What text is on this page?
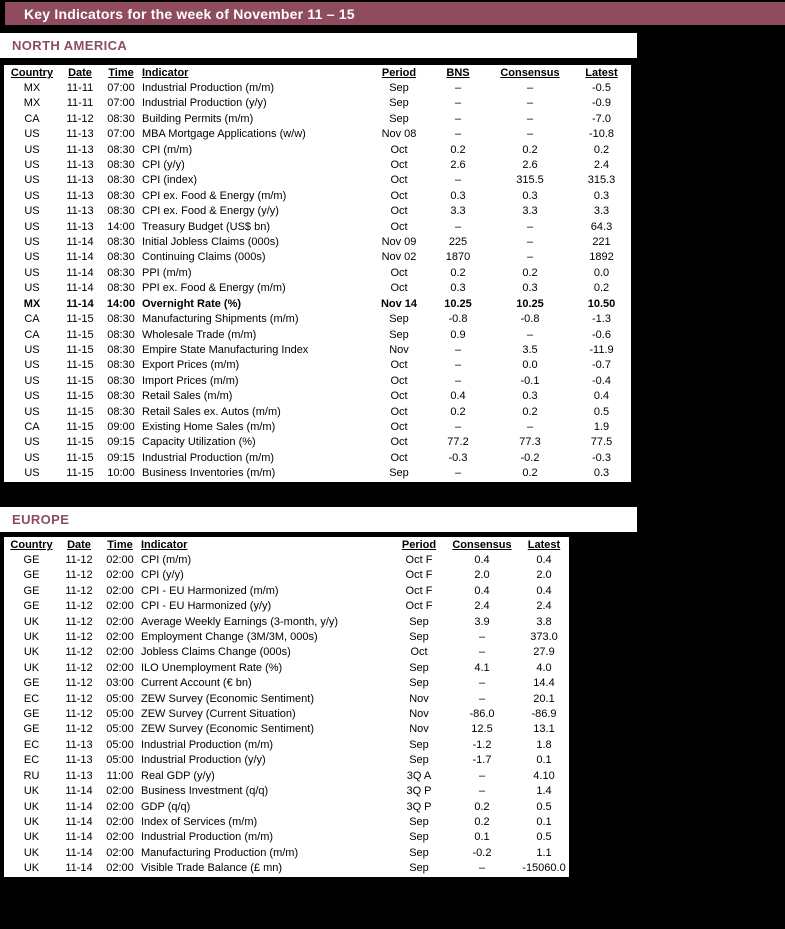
Key Indicators for the week of November 11 – 15
NORTH AMERICA
Country	Date	Time	Indicator	Period	BNS	Consensus	Latest
MX	11-11	07:00	Industrial Production (m/m)	Sep	–	–	-0.5
MX	11-11	07:00	Industrial Production (y/y)	Sep	–	–	-0.9
CA	11-12	08:30	Building Permits (m/m)	Sep	–	–	-7.0
US	11-13	07:00	MBA Mortgage Applications (w/w)	Nov 08	–	–	-10.8
US	11-13	08:30	CPI (m/m)	Oct	0.2	0.2	0.2
US	11-13	08:30	CPI (y/y)	Oct	2.6	2.6	2.4
US	11-13	08:30	CPI (index)	Oct	–	315.5	315.3
US	11-13	08:30	CPI ex. Food & Energy (m/m)	Oct	0.3	0.3	0.3
US	11-13	08:30	CPI ex. Food & Energy (y/y)	Oct	3.3	3.3	3.3
US	11-13	14:00	Treasury Budget (US$ bn)	Oct	–	–	64.3
US	11-14	08:30	Initial Jobless Claims (000s)	Nov 09	225	–	221
US	11-14	08:30	Continuing Claims (000s)	Nov 02	1870	–	1892
US	11-14	08:30	PPI (m/m)	Oct	0.2	0.2	0.0
US	11-14	08:30	PPI ex. Food & Energy (m/m)	Oct	0.3	0.3	0.2
MX	11-14	14:00	Overnight Rate (%)	Nov 14	10.25	10.25	10.50
CA	11-15	08:30	Manufacturing Shipments (m/m)	Sep	-0.8	-0.8	-1.3
CA	11-15	08:30	Wholesale Trade (m/m)	Sep	0.9	–	-0.6
US	11-15	08:30	Empire State Manufacturing Index	Nov	–	3.5	-11.9
US	11-15	08:30	Export Prices (m/m)	Oct	–	0.0	-0.7
US	11-15	08:30	Import Prices (m/m)	Oct	–	-0.1	-0.4
US	11-15	08:30	Retail Sales (m/m)	Oct	0.4	0.3	0.4
US	11-15	08:30	Retail Sales ex. Autos (m/m)	Oct	0.2	0.2	0.5
CA	11-15	09:00	Existing Home Sales (m/m)	Oct	–	–	1.9
US	11-15	09:15	Capacity Utilization (%)	Oct	77.2	77.3	77.5
US	11-15	09:15	Industrial Production (m/m)	Oct	-0.3	-0.2	-0.3
US	11-15	10:00	Business Inventories (m/m)	Sep	–	0.2	0.3
EUROPE
Country	Date	Time	Indicator	Period	Consensus	Latest
GE	11-12	02:00	CPI (m/m)	Oct F	0.4	0.4
GE	11-12	02:00	CPI (y/y)	Oct F	2.0	2.0
GE	11-12	02:00	CPI - EU Harmonized (m/m)	Oct F	0.4	0.4
GE	11-12	02:00	CPI - EU Harmonized (y/y)	Oct F	2.4	2.4
UK	11-12	02:00	Average Weekly Earnings (3-month, y/y)	Sep	3.9	3.8
UK	11-12	02:00	Employment Change (3M/3M, 000s)	Sep	–	373.0
UK	11-12	02:00	Jobless Claims Change (000s)	Oct	–	27.9
UK	11-12	02:00	ILO Unemployment Rate (%)	Sep	4.1	4.0
GE	11-12	03:00	Current Account (€ bn)	Sep	–	14.4
EC	11-12	05:00	ZEW Survey (Economic Sentiment)	Nov	–	20.1
GE	11-12	05:00	ZEW Survey (Current Situation)	Nov	-86.0	-86.9
GE	11-12	05:00	ZEW Survey (Economic Sentiment)	Nov	12.5	13.1
EC	11-13	05:00	Industrial Production (m/m)	Sep	-1.2	1.8
EC	11-13	05:00	Industrial Production (y/y)	Sep	-1.7	0.1
RU	11-13	11:00	Real GDP (y/y)	3Q A	–	4.10
UK	11-14	02:00	Business Investment (q/q)	3Q P	–	1.4
UK	11-14	02:00	GDP (q/q)	3Q P	0.2	0.5
UK	11-14	02:00	Index of Services (m/m)	Sep	0.2	0.1
UK	11-14	02:00	Industrial Production (m/m)	Sep	0.1	0.5
UK	11-14	02:00	Manufacturing Production (m/m)	Sep	-0.2	1.1
UK	11-14	02:00	Visible Trade Balance (£ mn)	Sep	–	-15060.0
